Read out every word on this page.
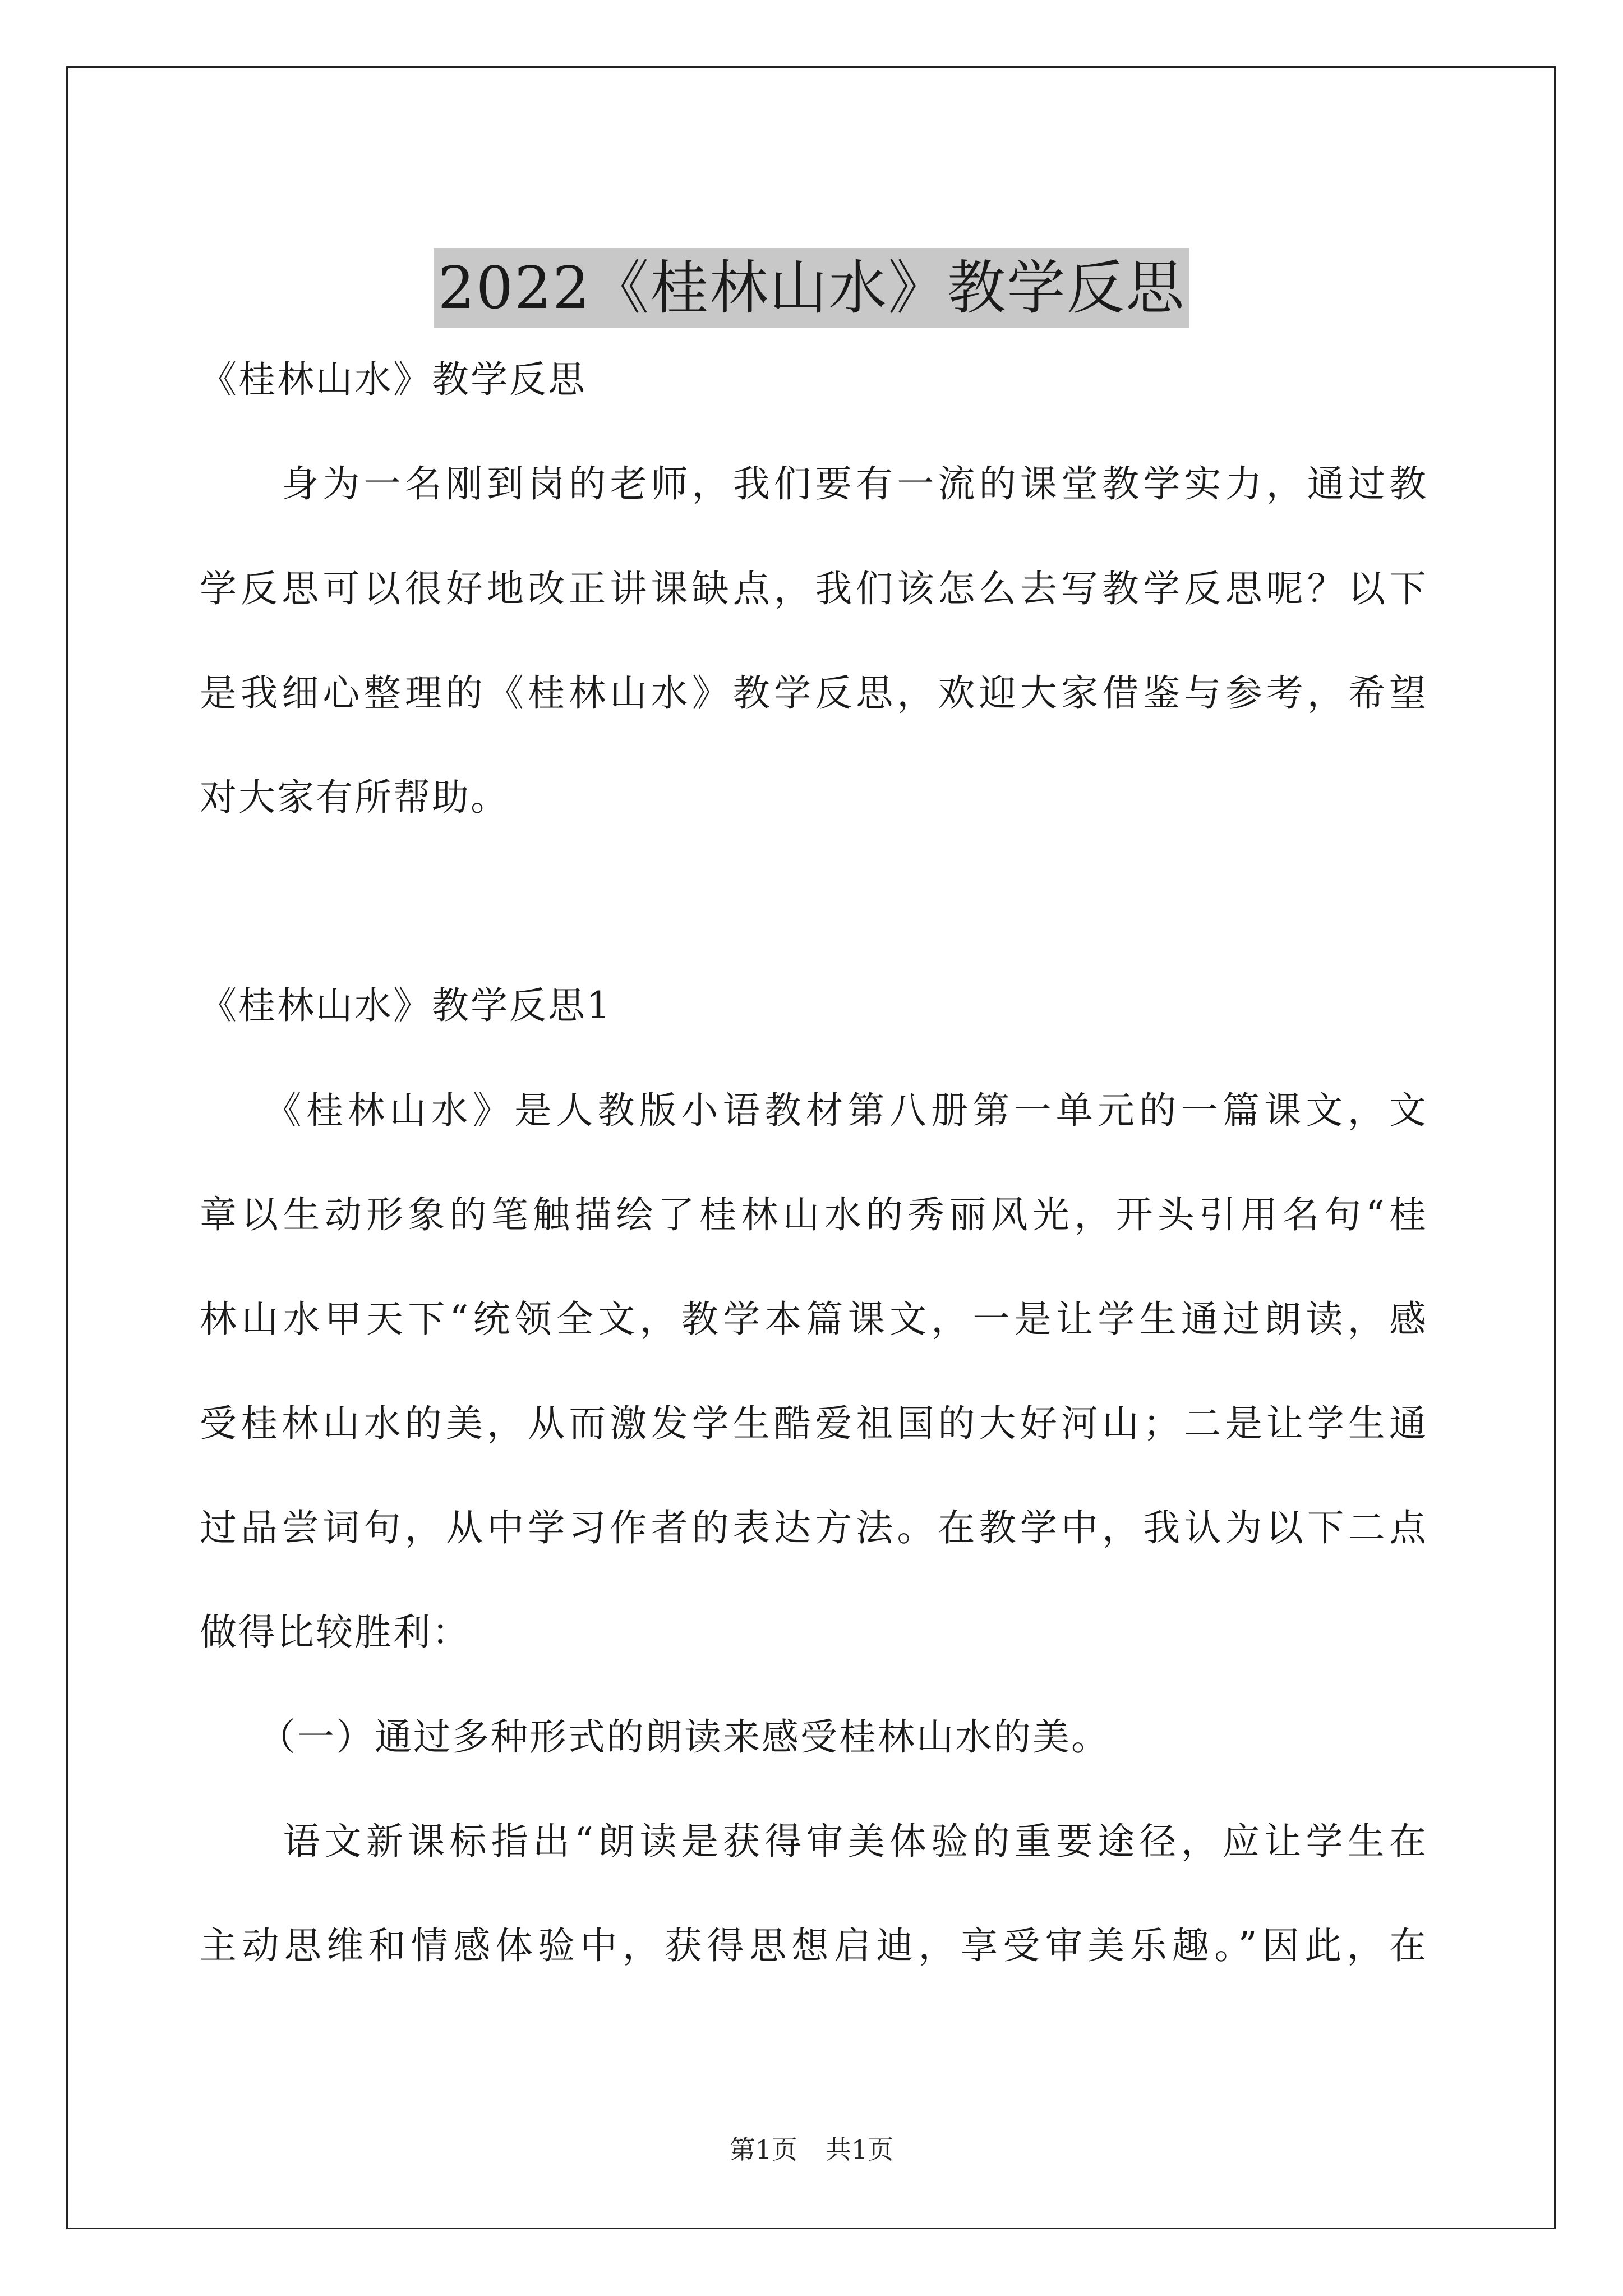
2022《桂林山水》教学反思
《桂林山水》教学反思
　　身为一名刚到岗的老师，我们要有一流的课堂教学实力，通过教
学反思可以很好地改正讲课缺点，我们该怎么去写教学反思呢？以下
是我细心整理的《桂林山水》教学反思，欢迎大家借鉴与参考，希望
对大家有所帮助。
《桂林山水》教学反思1
　　《桂林山水》是人教版小语教材第八册第一单元的一篇课文，文
章以生动形象的笔触描绘了桂林山水的秀丽风光，开头引用名句“桂
林山水甲天下“统领全文，教学本篇课文，一是让学生通过朗读，感
受桂林山水的美，从而激发学生酷爱祖国的大好河山；二是让学生通
过品尝词句，从中学习作者的表达方法。在教学中，我认为以下二点
做得比较胜利：
　　（一）通过多种形式的朗读来感受桂林山水的美。
　　语文新课标指出“朗读是获得审美体验的重要途径，应让学生在
主动思维和情感体验中，获得思想启迪，享受审美乐趣。”因此，在
第1页 共1页
